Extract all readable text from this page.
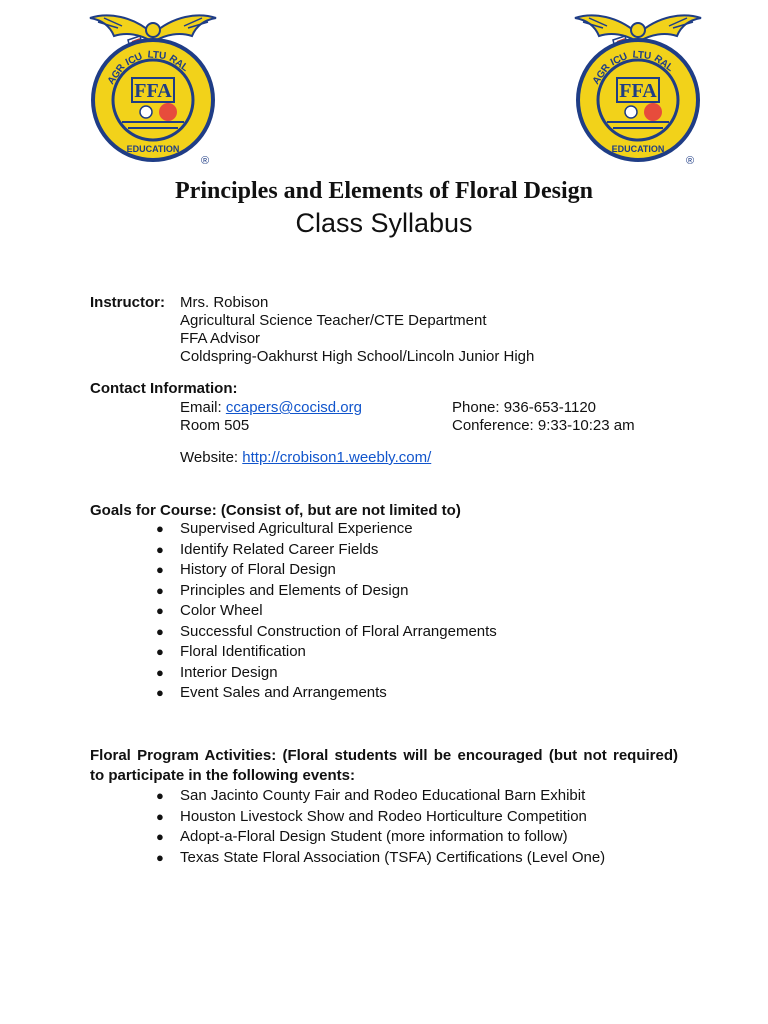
AGR
ICU LTU RAL
EDUCATION
FFA
®
AGR
ICU LTU RAL
EDUCATION
FFA
®
Principles and Elements of Floral Design
Class Syllabus
Instructor: Mrs. Robison
Agricultural Science Teacher/CTE Department
FFA Advisor
Coldspring-Oakhurst High School/Lincoln Junior High
Contact Information:
Email: ccapers@cocisd.org	Phone: 936-653-1120
Room 505	Conference: 9:33-10:23 am
Website: http://crobison1.weebly.com/
Goals for Course: (Consist of, but are not limited to)
● Supervised Agricultural Experience
● Identify Related Career Fields
● History of Floral Design
● Principles and Elements of Design
● Color Wheel
● Successful Construction of Floral Arrangements
● Floral Identification
● Interior Design
● Event Sales and Arrangements
Floral Program Activities: (Floral students will be encouraged (but not required)
to participate in the following events:
● San Jacinto County Fair and Rodeo Educational Barn Exhibit
● Houston Livestock Show and Rodeo Horticulture Competition
● Adopt-a-Floral Design Student (more information to follow)
● Texas State Floral Association (TSFA) Certifications (Level One)
